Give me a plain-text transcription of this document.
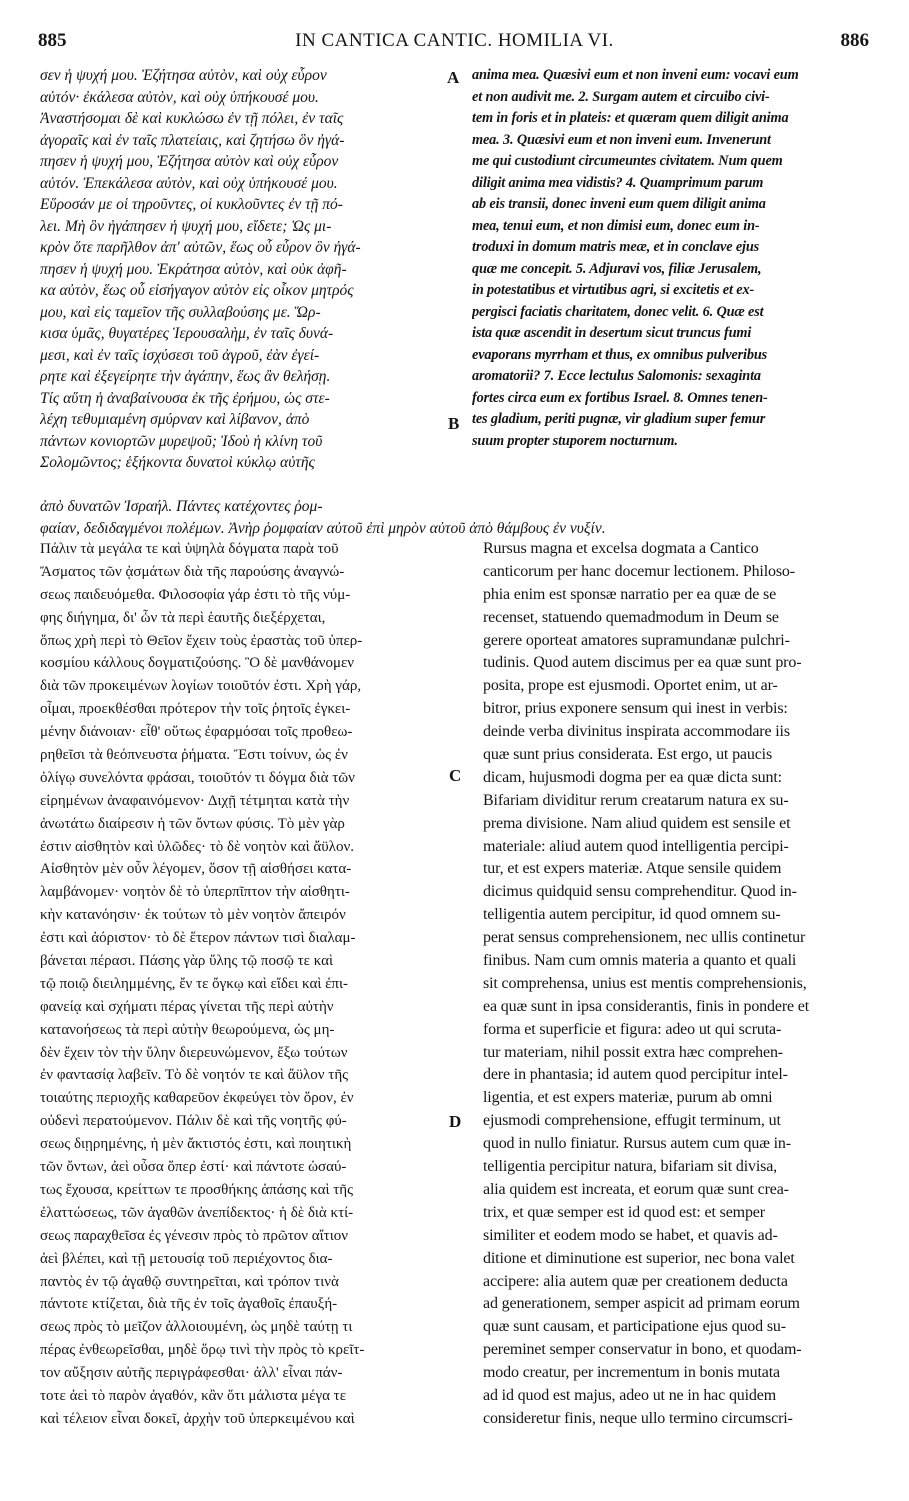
885	IN CANTICA CANTIC. HOMILIA VI.	886
A
B
C
D
σεν ἡ ψυχή μου. Ἐζήτησα αὐτὸν, καὶ οὐχ εὗρον
αὐτόν· ἐκάλεσα αὐτὸν, καὶ οὐχ ὑπήκουσέ μου.
Ἀναστήσομαι δὲ καὶ κυκλώσω ἐν τῇ πόλει, ἐν ταῖς
ἀγοραῖς καὶ ἐν ταῖς πλατείαις, καὶ ζητήσω ὃν ἠγά-
πησεν ἡ ψυχή μου, Ἐζήτησα αὐτὸν καὶ οὐχ εὗρον
αὐτόν. Ἐπεκάλεσα αὐτὸν, καὶ οὐχ ὑπήκουσέ μου.
Εὕροσάν με οἱ τηροῦντες, οἱ κυκλοῦντες ἐν τῇ πό-
λει. Μὴ ὃν ἠγάπησεν ἡ ψυχή μου, εἴδετε; Ὡς μι-
κρὸν ὅτε παρῆλθον ἀπ' αὐτῶν, ἕως οὗ εὗρον ὃν ἠγά-
πησεν ἡ ψυχή μου. Ἐκράτησα αὐτὸν, καὶ οὐκ ἀφῆ-
κα αὐτὸν, ἕως οὗ εἰσήγαγον αὐτὸν εἰς οἶκον μητρός
μου, καὶ εἰς ταμεῖον τῆς συλλαβούσης με. Ὥρ-
κισα ὑμᾶς, θυγατέρες Ἱερουσαλὴμ, ἐν ταῖς δυνά-
μεσι, καὶ ἐν ταῖς ἰσχύσεσι τοῦ ἀγροῦ, ἐὰν ἐγεί-
ρητε καὶ ἐξεγείρητε τὴν ἀγάπην, ἕως ἂν θελήσῃ.
Τίς αὕτη ἡ ἀναβαίνουσα ἐκ τῆς ἐρήμου, ὡς στε-
λέχη τεθυμιαμένη σμύρναν καὶ λίβανον, ἀπὸ
πάντων κονιορτῶν μυρεψοῦ; Ἰδοὺ ἡ κλίνη τοῦ
Σολομῶντος; ἑξήκοντα δυνατοὶ κύκλῳ αὐτῆς
anima mea. Quæsivi eum et non inveni eum: vocavi eum
et non audivit me. 2. Surgam autem et circuibo civi-
tem in foris et in plateis: et quæram quem diligit anima
mea. 3. Quæsivi eum et non inveni eum. Invenerunt
me qui custodiunt circumeuntes civitatem. Num quem
diligit anima mea vidistis? 4. Quamprimum parum
ab eis transii, donec inveni eum quem diligit anima
mea, tenui eum, et non dimisi eum, donec eum in-
troduxi in domum matris meæ, et in conclave ejus
quæ me concepit. 5. Adjuravi vos, filiæ Jerusalem,
in potestatibus et virtutibus agri, si excitetis et ex-
pergisci faciatis charitatem, donec velit. 6. Quæ est
ista quæ ascendit in desertum sicut truncus fumi
evaporans myrrham et thus, ex omnibus pulveribus
aromatorii? 7. Ecce lectulus Salomonis: sexaginta
fortes circa eum ex fortibus Israel. 8. Omnes tenen-
tes gladium, periti pugnæ, vir gladium super femur
suum propter stuporem nocturnum.
ἀπὸ δυνατῶν Ἰσραήλ. Πάντες κατέχοντες ῥομ-
φαίαν, δεδιδαγμένοι πολέμων. Ἀνὴρ ῥομφαίαν αὐτοῦ ἐπὶ μηρὸν αὐτοῦ ἀπὸ θάμβους ἐν νυξίν.
Πάλιν τὰ μεγάλα τε καὶ ὑψηλὰ δόγματα παρὰ τοῦ
Ἄσματος τῶν ᾀσμάτων διὰ τῆς παρούσης ἀναγνώ-
σεως παιδευόμεθα. Φιλοσοφία γάρ ἐστι τὸ τῆς νύμ-
φης διήγημα, δι' ὧν τὰ περὶ ἑαυτῆς διεξέρχεται,
ὅπως χρὴ περὶ τὸ Θεῖον ἔχειν τοὺς ἐραστὰς τοῦ ὑπερ-
κοσμίου κάλλους δογματιζούσης. Ὃ δὲ μανθάνομεν
διὰ τῶν προκειμένων λογίων τοιοῦτόν ἐστι. Χρὴ γάρ,
οἶμαι, προεκθέσθαι πρότερον τὴν τοῖς ῥητοῖς ἐγκει-
μένην διάνοιαν· εἶθ' οὕτως ἐφαρμόσαι τοῖς προθεω-
ρηθεῖσι τὰ θεόπνευστα ῥήματα. Ἔστι τοίνυν, ὡς ἐν
ὀλίγῳ συνελόντα φράσαι, τοιοῦτόν τι δόγμα διὰ τῶν
εἰρημένων ἀναφαινόμενον· Διχῇ τέτμηται κατὰ τὴν
ἀνωτάτω διαίρεσιν ἡ τῶν ὄντων φύσις. Τὸ μὲν γὰρ
ἐστιν αἰσθητὸν καὶ ὑλῶδες· τὸ δὲ νοητὸν καὶ ἄϋλον.
Αἰσθητὸν μὲν οὖν λέγομεν, ὅσον τῇ αἰσθήσει κατα-
λαμβάνομεν· νοητὸν δὲ τὸ ὑπερπῖπτον τὴν αἰσθητι-
κὴν κατανόησιν· ἐκ τούτων τὸ μὲν νοητὸν ἄπειρόν
ἐστι καὶ ἀόριστον· τὸ δὲ ἕτερον πάντων τισὶ διαλαμ-
βάνεται πέρασι. Πάσης γὰρ ὕλης τῷ ποσῷ τε καὶ
τῷ ποιῷ διειλημμένης, ἔν τε ὄγκῳ καὶ εἴδει καὶ ἐπι-
φανείᾳ καὶ σχήματι πέρας γίνεται τῆς περὶ αὐτὴν
κατανοήσεως τὰ περὶ αὐτὴν θεωρούμενα, ὡς μη-
δὲν ἔχειν τὸν τὴν ὕλην διερευνώμενον, ἔξω τούτων
ἐν φαντασίᾳ λαβεῖν. Τὸ δὲ νοητόν τε καὶ ἄϋλον τῆς
τοιαύτης περιοχῆς καθαρεῦον ἐκφεύγει τὸν ὅρον, ἐν
οὐδενὶ περατούμενον. Πάλιν δὲ καὶ τῆς νοητῆς φύ-
σεως διῃρημένης, ἡ μὲν ἄκτιστός ἐστι, καὶ ποιητικὴ
τῶν ὄντων, ἀεὶ οὖσα ὅπερ ἐστί· καὶ πάντοτε ὡσαύ-
τως ἔχουσα, κρείττων τε προσθήκης ἁπάσης καὶ τῆς
ἐλαττώσεως, τῶν ἀγαθῶν ἀνεπίδεκτος· ἡ δὲ διὰ κτί-
σεως παραχθεῖσα ἐς γένεσιν πρὸς τὸ πρῶτον αἴτιον
ἀεὶ βλέπει, καὶ τῇ μετουσίᾳ τοῦ περιέχοντος δια-
παντὸς ἐν τῷ ἀγαθῷ συντηρεῖται, καὶ τρόπον τινὰ
πάντοτε κτίζεται, διὰ τῆς ἐν τοῖς ἀγαθοῖς ἐπαυξή-
σεως πρὸς τὸ μεῖζον ἀλλοιουμένη, ὡς μηδὲ ταύτῃ τι
πέρας ἐνθεωρεῖσθαι, μηδὲ ὅρῳ τινὶ τὴν πρὸς τὸ κρεῖτ-
τον αὔξησιν αὐτῆς περιγράφεσθαι· ἀλλ' εἶναι πάν-
τοτε ἀεὶ τὸ παρὸν ἀγαθόν, κἂν ὅτι μάλιστα μέγα τε
καὶ τέλειον εἶναι δοκεῖ, ἀρχὴν τοῦ ὑπερκειμένου καὶ
Rursus magna et excelsa dogmata a Cantico
canticorum per hanc docemur lectionem. Philoso-
phia enim est sponsæ narratio per ea quæ de se
recenset, statuendo quemadmodum in Deum se
gerere oporteat amatores supramundanæ pulchri-
tudinis. Quod autem discimus per ea quæ sunt pro-
posita, prope est ejusmodi. Oportet enim, ut ar-
bitror, prius exponere sensum qui inest in verbis:
deinde verba divinitus inspirata accommodare iis
quæ sunt prius considerata. Est ergo, ut paucis
dicam, hujusmodi dogma per ea quæ dicta sunt:
Bifariam dividitur rerum creatarum natura ex su-
prema divisione. Nam aliud quidem est sensile et
materiale: aliud autem quod intelligentia percipi-
tur, et est expers materiæ. Atque sensile quidem
dicimus quidquid sensu comprehenditur. Quod in-
telligentia autem percipitur, id quod omnem su-
perat sensus comprehensionem, nec ullis continetur
finibus. Nam cum omnis materia a quanto et quali
sit comprehensa, unius est mentis comprehensionis,
ea quæ sunt in ipsa considerantis, finis in pondere et
forma et superficie et figura: adeo ut qui scruta-
tur materiam, nihil possit extra hæc comprehen-
dere in phantasia; id autem quod percipitur intel-
ligentia, et est expers materiæ, purum ab omni
ejusmodi comprehensione, effugit terminum, ut
quod in nullo finiatur. Rursus autem cum quæ in-
telligentia percipitur natura, bifariam sit divisa,
alia quidem est increata, et eorum quæ sunt crea-
trix, et quæ semper est id quod est: et semper
similiter et eodem modo se habet, et quavis ad-
ditione et diminutione est superior, nec bona valet
accipere: alia autem quæ per creationem deducta
ad generationem, semper aspicit ad primam eorum
quæ sunt causam, et participatione ejus quod su-
pereminet semper conservatur in bono, et quodam-
modo creatur, per incrementum in bonis mutata
ad id quod est majus, adeo ut ne in hac quidem
consideretur finis, neque ullo termino circumscri-
